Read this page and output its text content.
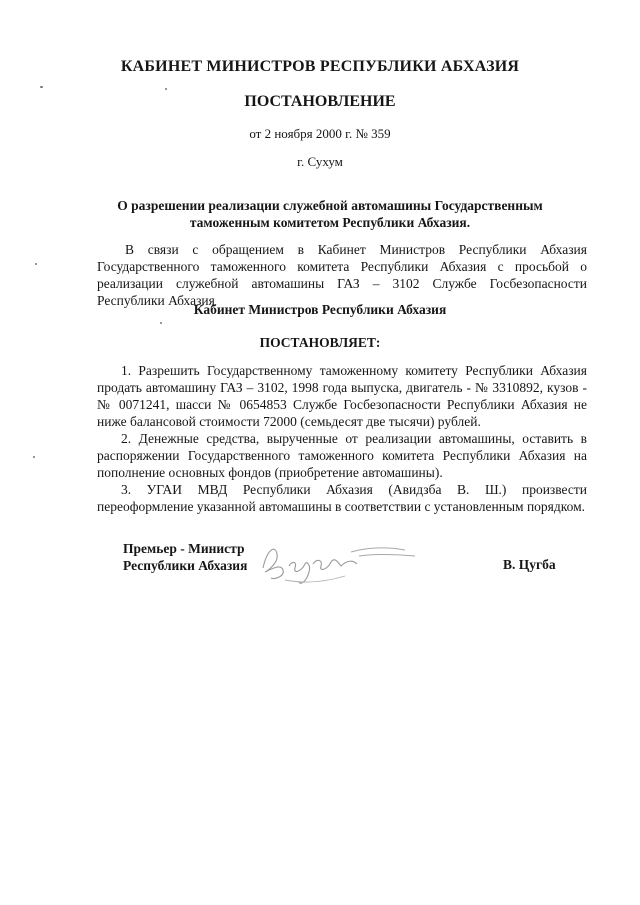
КАБИНЕТ МИНИСТРОВ РЕСПУБЛИКИ АБХАЗИЯ
ПОСТАНОВЛЕНИЕ
от 2 ноября 2000 г. № 359
г. Сухум
О разрешении реализации служебной автомашины Государственным
таможенным комитетом Республики Абхазия.
В связи с обращением в Кабинет Министров Республики Абхазия Государственного таможенного комитета Республики Абхазия с просьбой о реализации служебной автомашины ГАЗ – 3102 Службе Госбезопасности Республики Абхазия
Кабинет Министров Республики Абхазия
ПОСТАНОВЛЯЕТ:

1. Разрешить Государственному таможенному комитету Республики Абхазия продать автомашину ГАЗ – 3102, 1998 года выпуска, двигатель - № 3310892, кузов - № 0071241, шасси № 0654853 Службе Госбезопасности Республики Абхазия не ниже балансовой стоимости 72000 (семьдесят две тысячи) рублей.

2. Денежные средства, вырученные от реализации автомашины, оставить в распоряжении Государственного таможенного комитета Республики Абхазия на пополнение основных фондов (приобретение автомашины).

3. УГАИ МВД Республики Абхазия (Авидзба В. Ш.) произвести переоформление указанной автомашины в соответствии с установленным порядком.

Премьер - Министр
Республики Абхазия	В. Цугба
